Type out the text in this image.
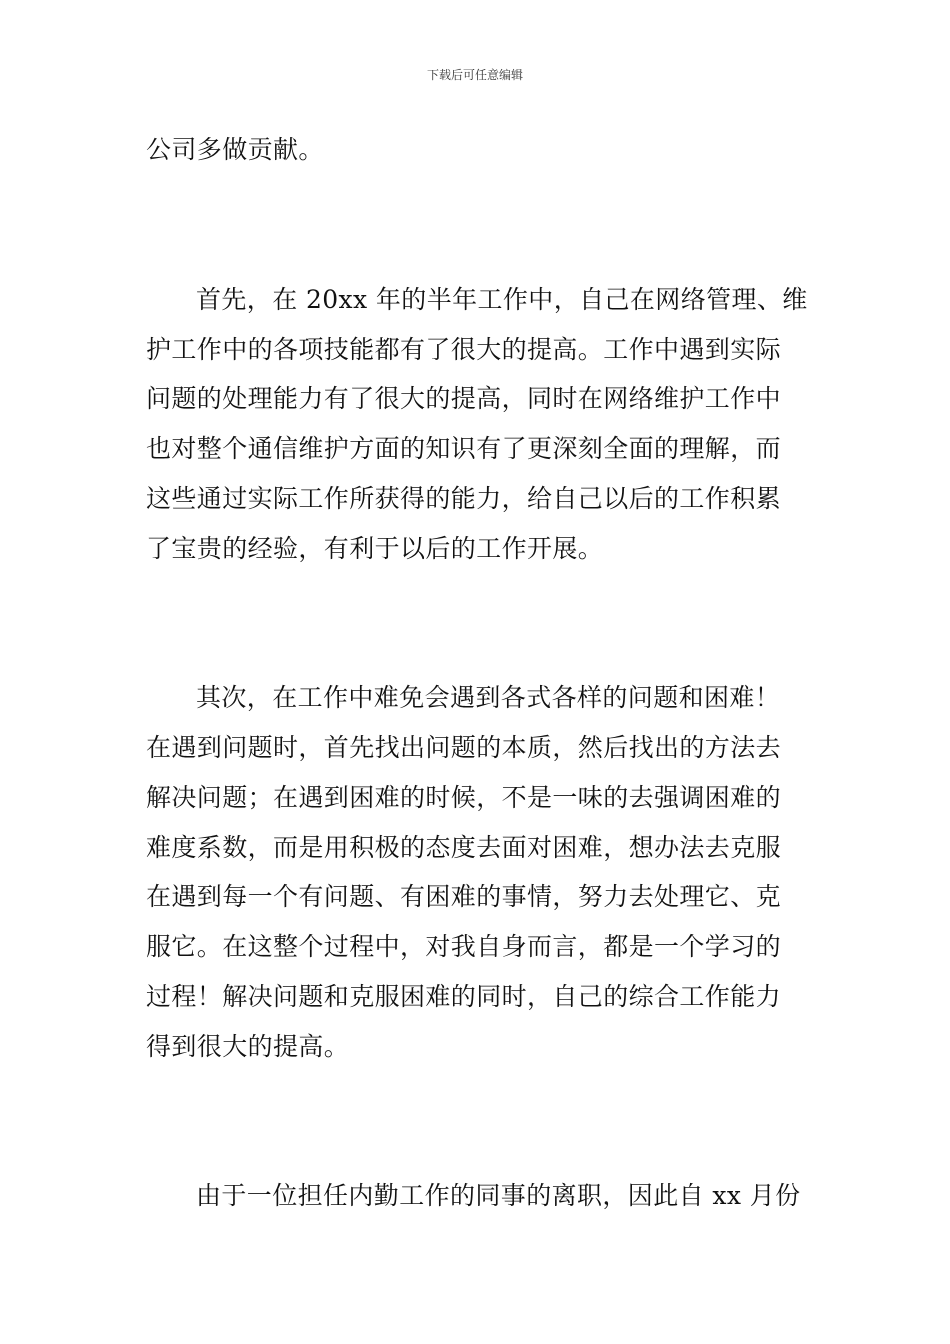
下载后可任意编辑
公司多做贡献。
首先，在 20xx 年的半年工作中，自己在网络管理、维
护工作中的各项技能都有了很大的提高。工作中遇到实际
问题的处理能力有了很大的提高，同时在网络维护工作中
也对整个通信维护方面的知识有了更深刻全面的理解，而
这些通过实际工作所获得的能力，给自己以后的工作积累
了宝贵的经验，有利于以后的工作开展。
其次，在工作中难免会遇到各式各样的问题和困难！
在遇到问题时，首先找出问题的本质，然后找出的方法去
解决问题；在遇到困难的时候，不是一味的去强调困难的
难度系数，而是用积极的态度去面对困难，想办法去克服
在遇到每一个有问题、有困难的事情，努力去处理它、克
服它。在这整个过程中，对我自身而言，都是一个学习的
过程！解决问题和克服困难的同时，自己的综合工作能力
得到很大的提高。
由于一位担任内勤工作的同事的离职，因此自 xx 月份
